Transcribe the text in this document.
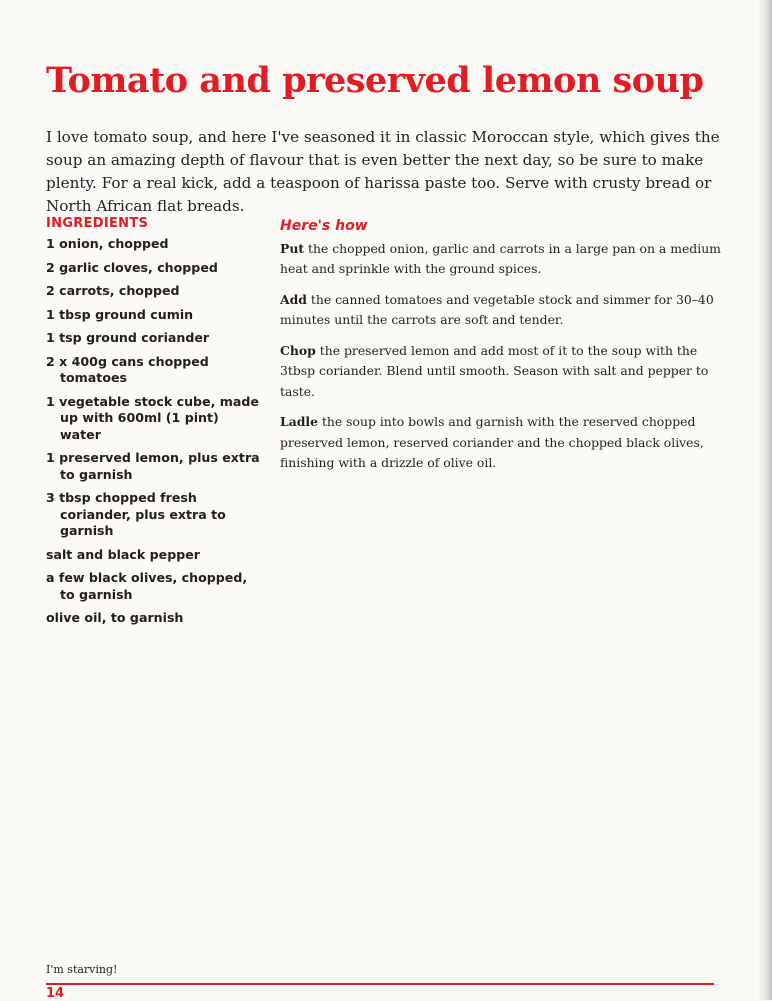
Tomato and preserved lemon soup

I love tomato soup, and here I've seasoned it in classic Moroccan style, which gives the soup an amazing depth of flavour that is even better the next day, so be sure to make plenty. For a real kick, add a teaspoon of harissa paste too. Serve with crusty bread or North African flat breads.

INGREDIENTS
1 onion, chopped
2 garlic cloves, chopped
2 carrots, chopped
1 tbsp ground cumin
1 tsp ground coriander
2 x 400g cans chopped tomatoes
1 vegetable stock cube, made up with 600ml (1 pint) water
1 preserved lemon, plus extra to garnish
3 tbsp chopped fresh coriander, plus extra to garnish
salt and black pepper
a few black olives, chopped, to garnish
olive oil, to garnish
Here's how

Put the chopped onion, garlic and carrots in a large pan on a medium heat and sprinkle with the ground spices.

Add the canned tomatoes and vegetable stock and simmer for 30–40 minutes until the carrots are soft and tender.

Chop the preserved lemon and add most of it to the soup with the 3tbsp coriander. Blend until smooth. Season with salt and pepper to taste.

Ladle the soup into bowls and garnish with the reserved chopped preserved lemon, reserved coriander and the chopped black olives, finishing with a drizzle of olive oil.

I'm starving!
14
